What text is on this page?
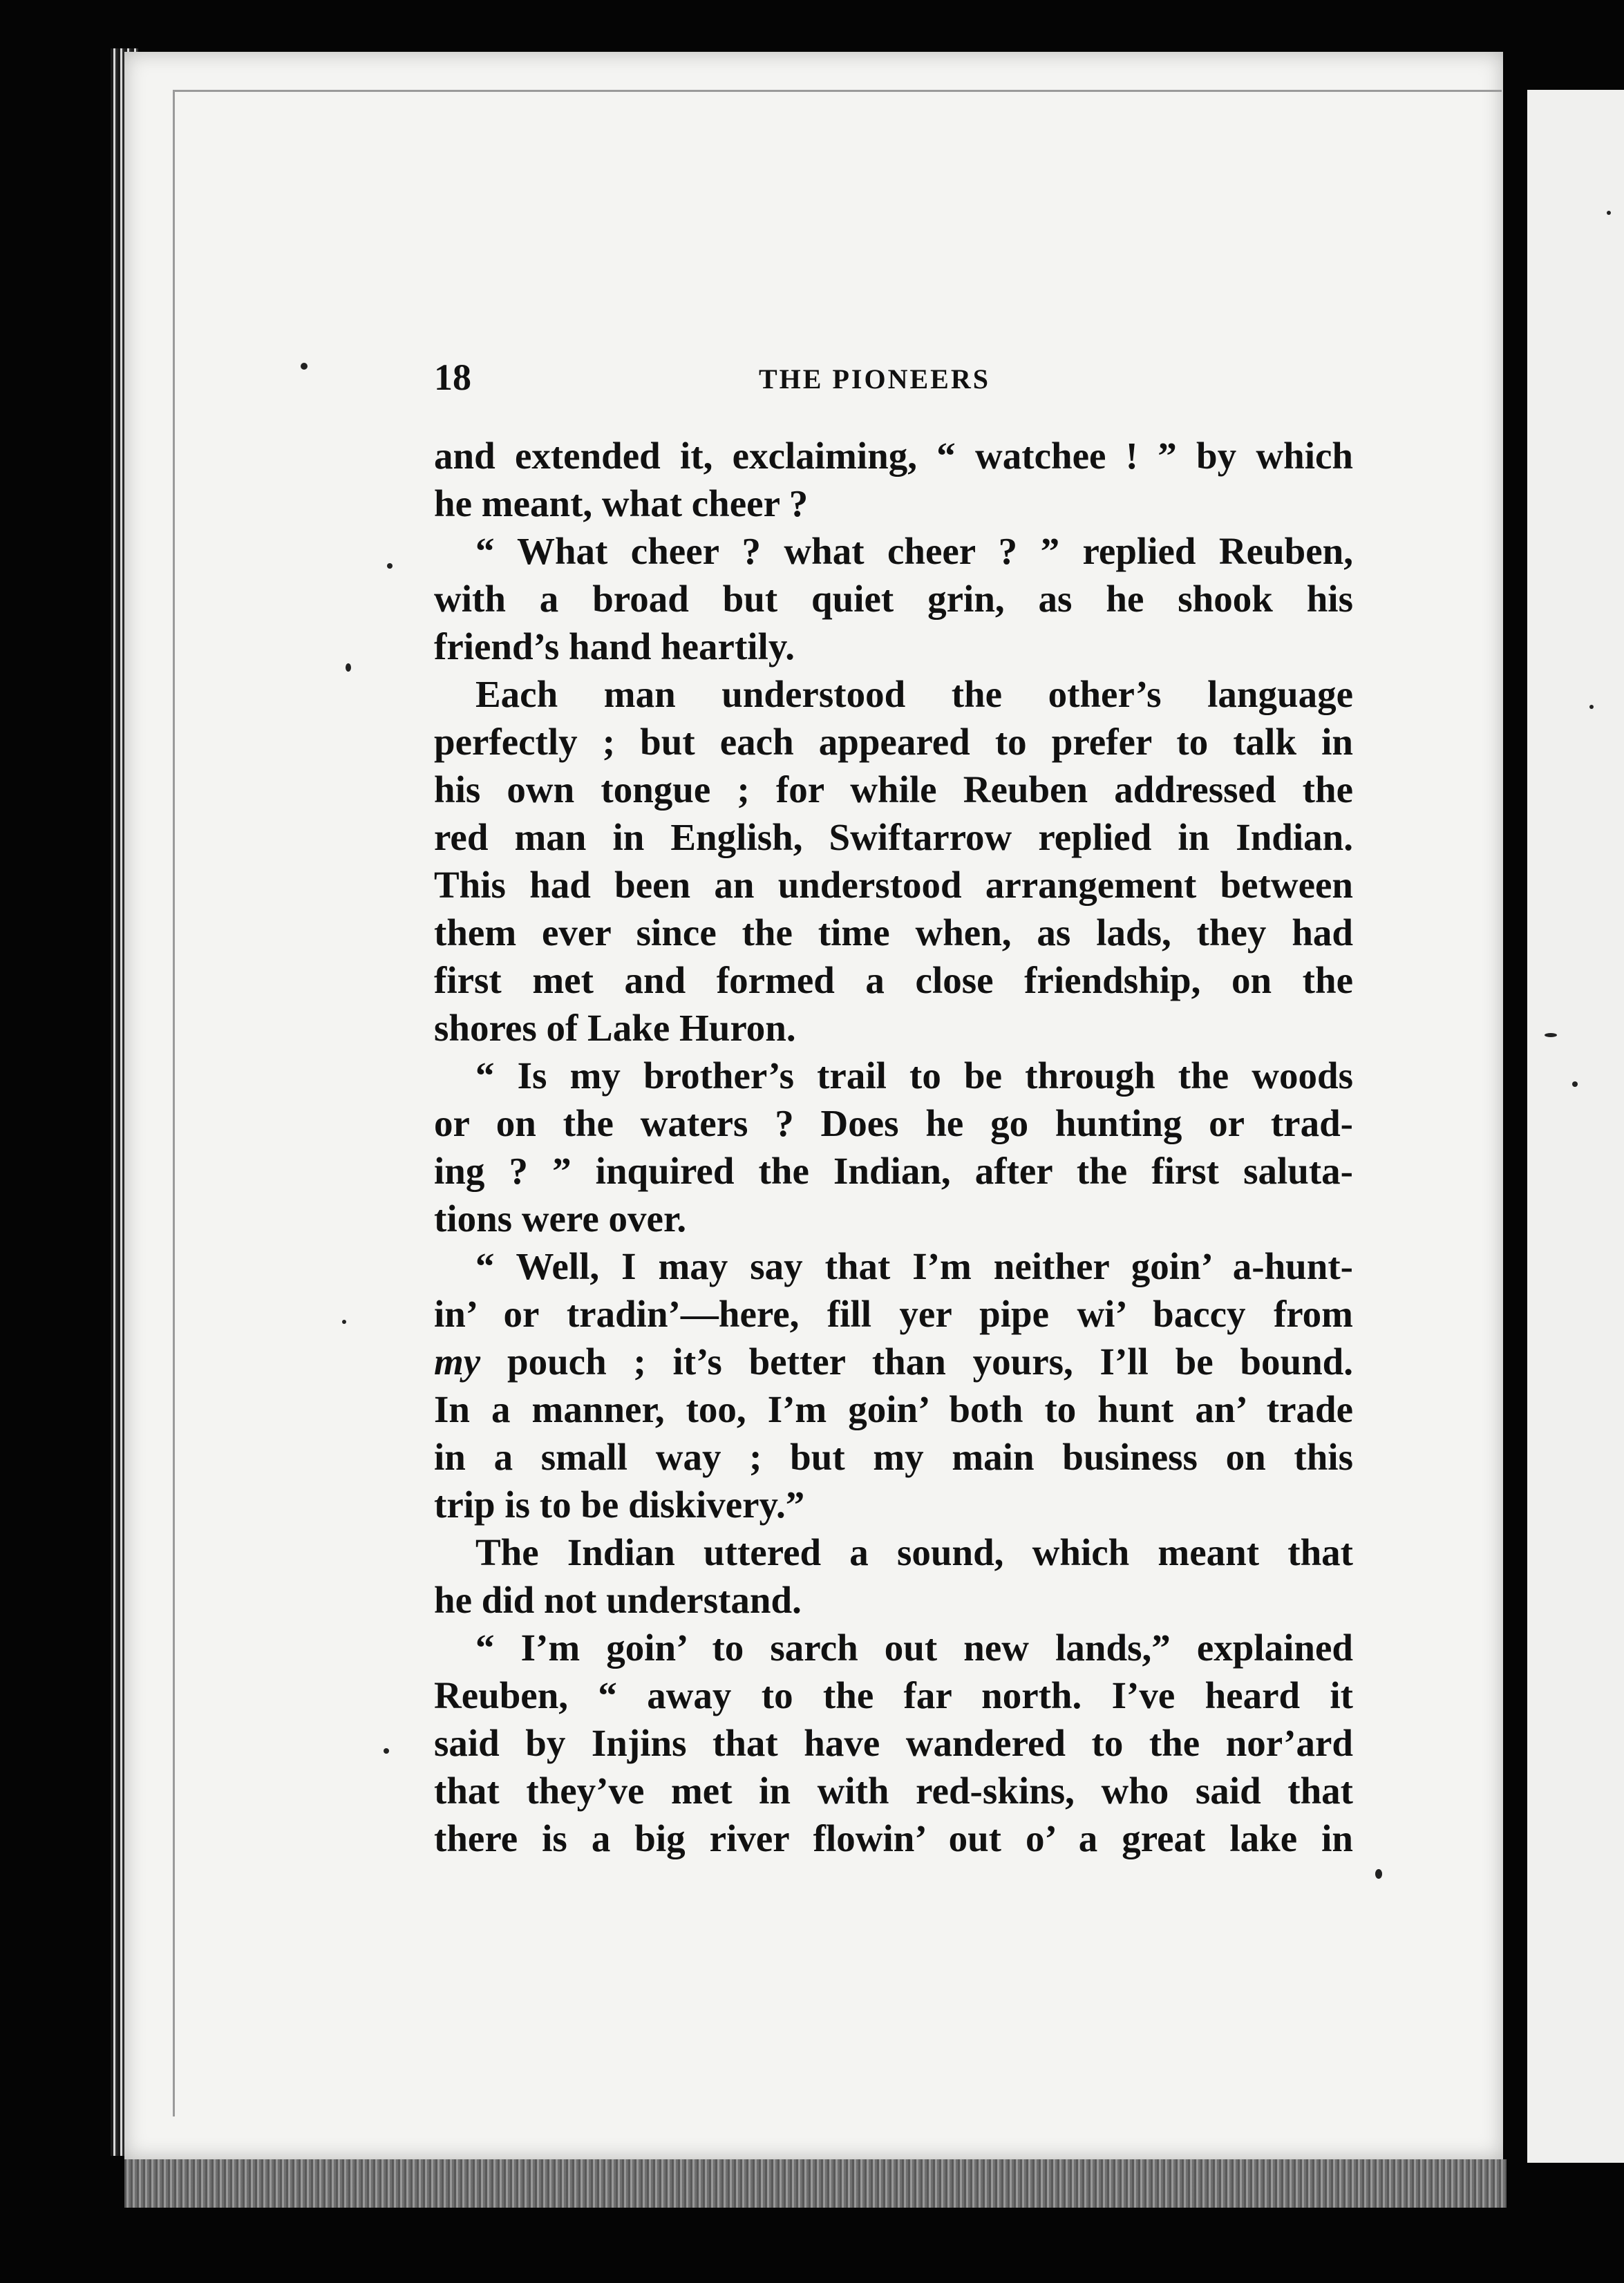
18	THE PIONEERS
and extended it, exclaiming, “ watchee ! ” by which
he meant, what cheer ?
“ What cheer ? what cheer ? ” replied Reuben,
with a broad but quiet grin, as he shook his
friend’s hand heartily.
Each man understood the other’s language
perfectly ; but each appeared to prefer to talk in
his own tongue ; for while Reuben addressed the
red man in English, Swiftarrow replied in Indian.
This had been an understood arrangement between
them ever since the time when, as lads, they had
first met and formed a close friendship, on the
shores of Lake Huron.
“ Is my brother’s trail to be through the woods
or on the waters ? Does he go hunting or trad-
ing ? ” inquired the Indian, after the first saluta-
tions were over.
“ Well, I may say that I’m neither goin’ a-hunt-
in’ or tradin’—here, fill yer pipe wi’ baccy from
my pouch ; it’s better than yours, I’ll be bound.
In a manner, too, I’m goin’ both to hunt an’ trade
in a small way ; but my main business on this
trip is to be diskivery.”
The Indian uttered a sound, which meant that
he did not understand.
“ I’m goin’ to sarch out new lands,” explained
Reuben, “ away to the far north. I’ve heard it
said by Injins that have wandered to the nor’ard
that they’ve met in with red-skins, who said that
there is a big river flowin’ out o’ a great lake in
